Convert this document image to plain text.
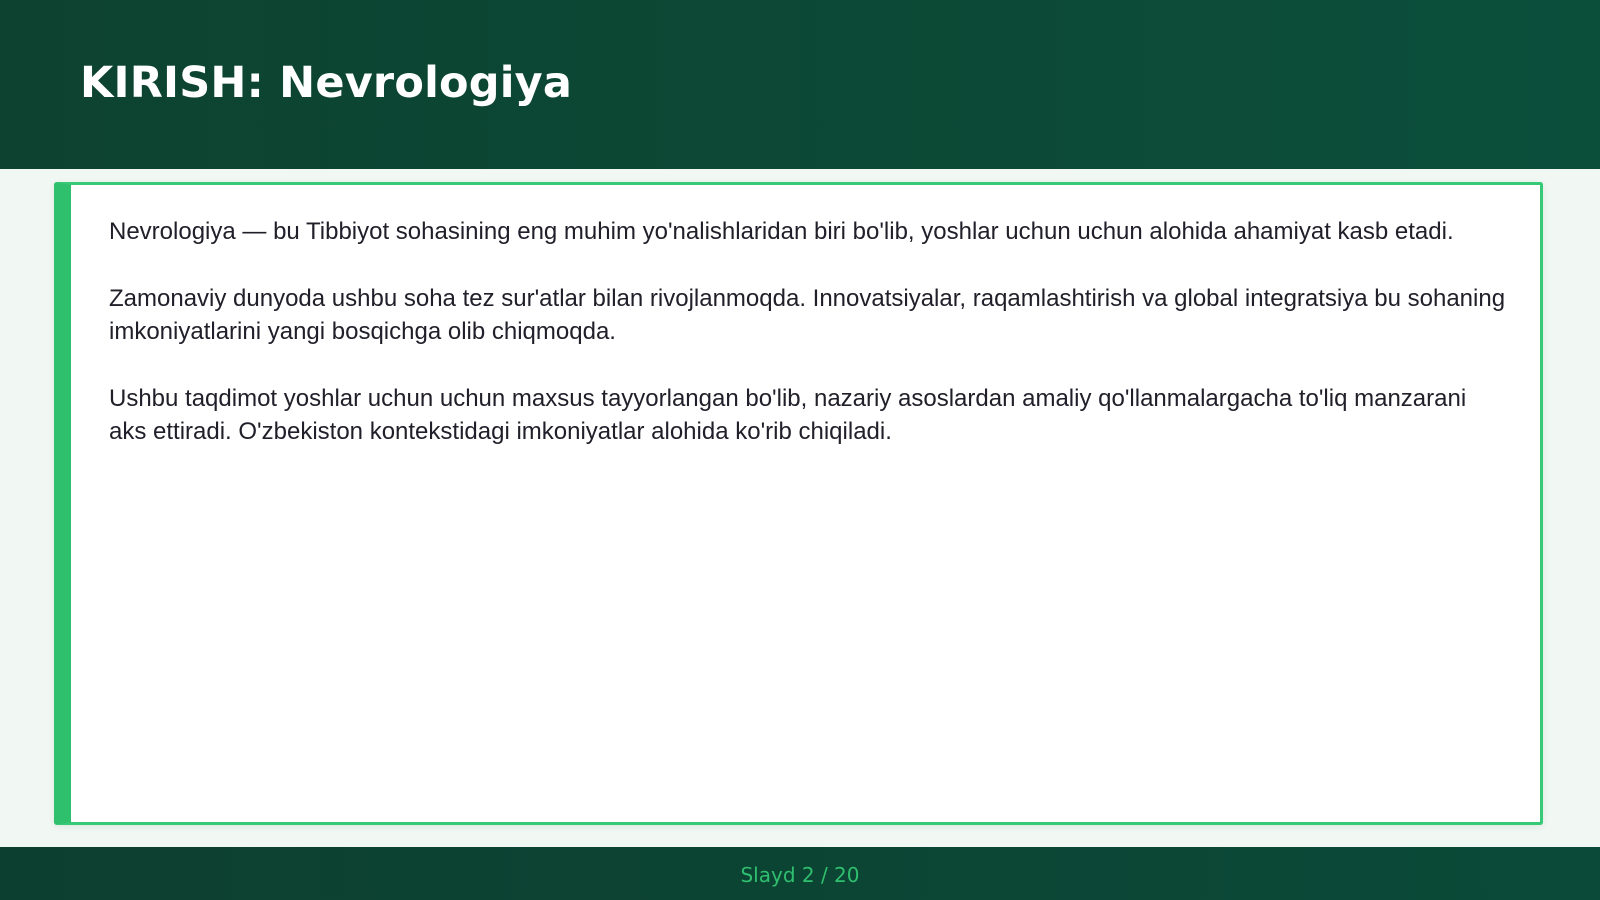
KIRISH: Nevrologiya

Nevrologiya — bu Tibbiyot sohasining eng muhim yo'nalishlaridan biri bo'lib, yoshlar uchun uchun alohida ahamiyat kasb etadi.

Zamonaviy dunyoda ushbu soha tez sur'atlar bilan rivojlanmoqda. Innovatsiyalar, raqamlashtirish va global integratsiya bu sohaning imkoniyatlarini yangi bosqichga olib chiqmoqda.

Ushbu taqdimot yoshlar uchun uchun maxsus tayyorlangan bo'lib, nazariy asoslardan amaliy qo'llanmalargacha to'liq manzarani aks ettiradi. O'zbekiston kontekstidagi imkoniyatlar alohida ko'rib chiqiladi.

Slayd 2 / 20
